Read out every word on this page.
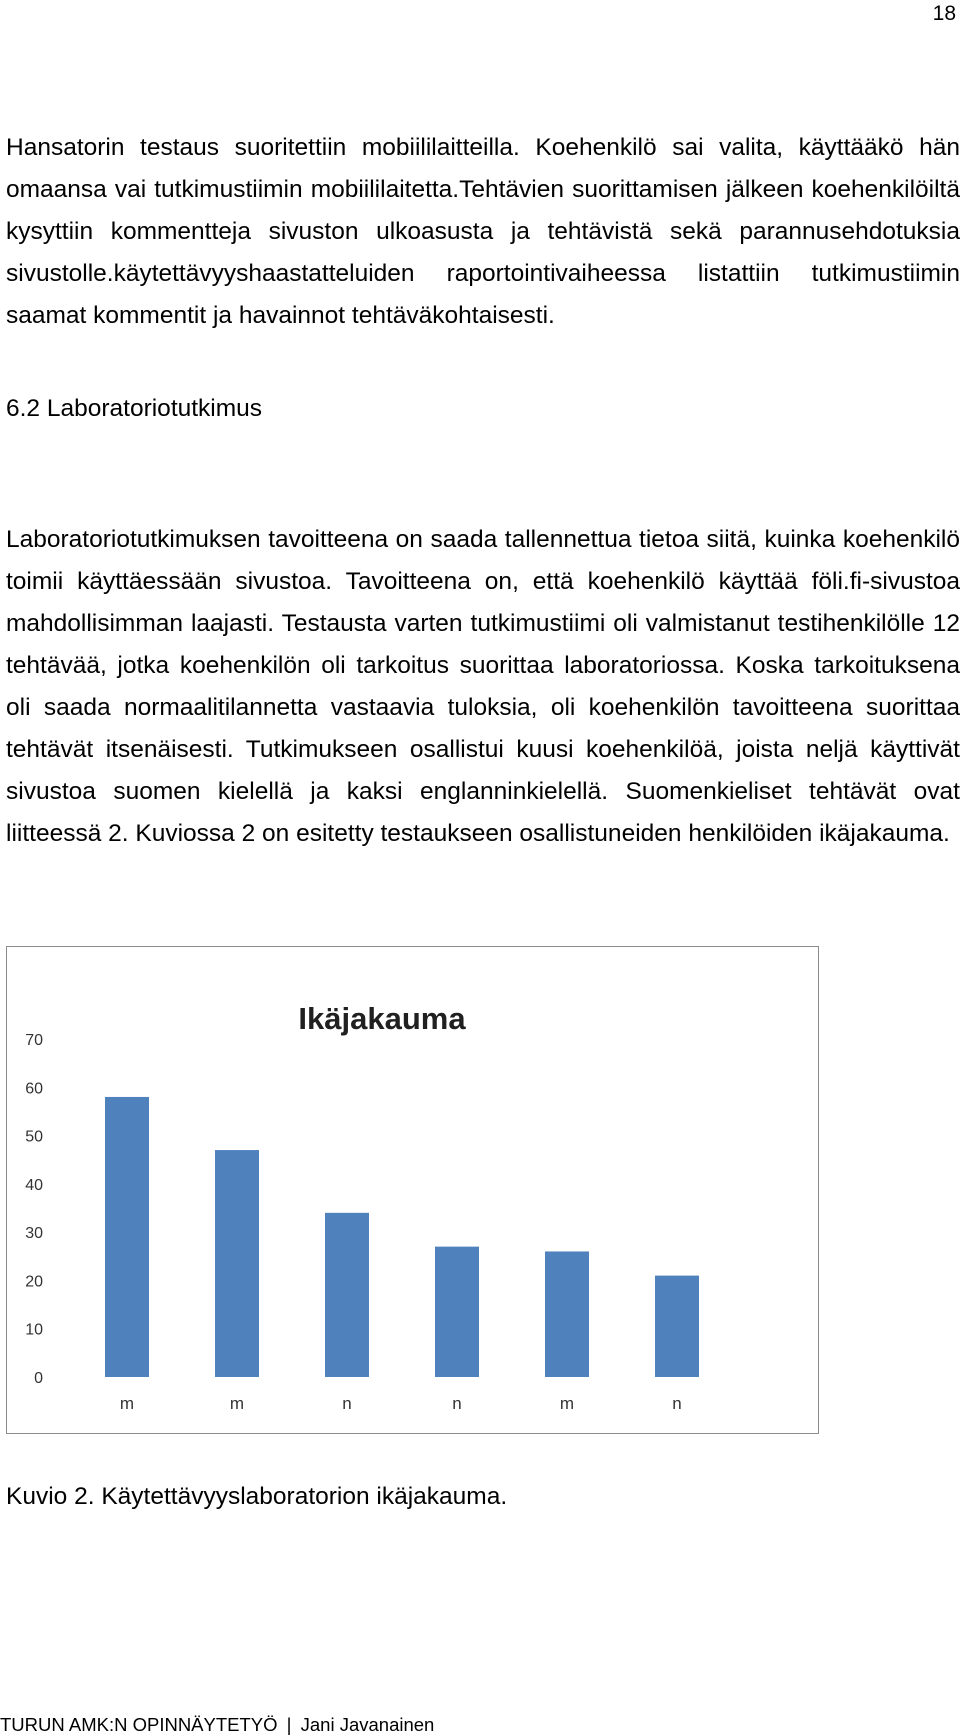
18

Hansatorin testaus suoritettiin mobiililaitteilla. Koehenkilö sai valita, käyttääkö hän omaansa vai tutkimustiimin mobiililaitetta.Tehtävien suorittamisen jälkeen koehenkilöiltä kysyttiin kommentteja sivuston ulkoasusta ja tehtävistä sekä parannusehdotuksia sivustolle.käytettävyyshaastatteluiden raportointivaiheessa listattiin tutkimustiimin saamat kommentit ja havainnot tehtäväkohtaisesti.

6.2 Laboratoriotutkimus

Laboratoriotutkimuksen tavoitteena on saada tallennettua tietoa siitä, kuinka koehenkilö toimii käyttäessään sivustoa. Tavoitteena on, että koehenkilö käyttää föli.fi-sivustoa mahdollisimman laajasti. Testausta varten tutkimustiimi oli valmistanut testihenkilölle 12 tehtävää, jotka koehenkilön oli tarkoitus suorittaa laboratoriossa. Koska tarkoituksena oli saada normaalitilannetta vastaavia tuloksia, oli koehenkilön tavoitteena suorittaa tehtävät itsenäisesti. Tutkimukseen osallistui kuusi koehenkilöä, joista neljä käyttivät sivustoa suomen kielellä ja kaksi englanninkielellä. Suomenkieliset tehtävät ovat liitteessä 2. Kuviossa 2 on esitetty testaukseen osallistuneiden henkilöiden ikäjakauma.

Ikäjakauma
0
10
20
30
40
50
60
70
m	m	n	n	m	n
Kuvio 2. Käytettävyyslaboratorion ikäjakauma.
TURUN AMK:N OPINNÄYTETYÖ | Jani Javanainen
